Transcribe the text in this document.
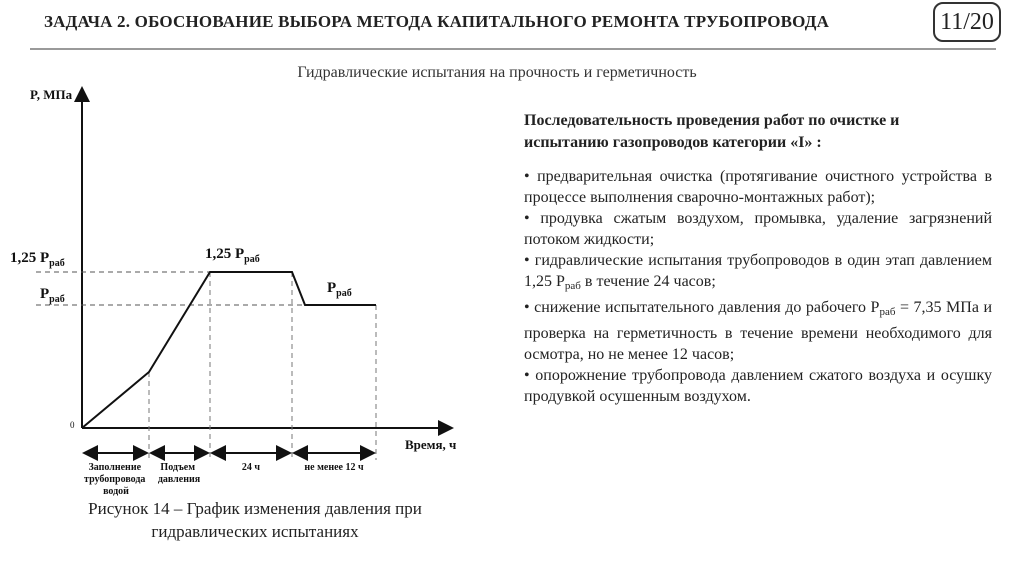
ЗАДАЧА 2. ОБОСНОВАНИЕ ВЫБОРА МЕТОДА КАПИТАЛЬНОГО РЕМОНТА ТРУБОПРОВОДА	11/20
Гидравлические испытания на прочность и герметичность
P, МПа
Время, ч
0
1,25 $P_{раб}$
$P_{раб}$
1,25 $P_{раб}$
$P_{раб}$
Заполнение трубопровода водой
Подъем давления
24 ч	не менее 12 ч
Рисунок 14 – График изменения давления при
гидравлических испытаниях
Последовательность проведения работ по очистке и
испытанию газопроводов категории «I» :

• предварительная очистка (протягивание очистного устройства в процессе выполнения сварочно-монтажных работ);

• продувка сжатым воздухом, промывка, удаление загрязнений потоком жидкости;

• гидравлические испытания трубопроводов в один этап давлением 1,25 $P_{раб}$ в течение 24 часов;

• снижение испытательного давления до рабочего $P_{раб} = 7,35$ МПа и проверка на герметичность в течение времени необходимого для осмотра, но не менее 12 часов;

• опорожнение трубопровода давлением сжатого воздуха и осушку продувкой осушенным воздухом.
